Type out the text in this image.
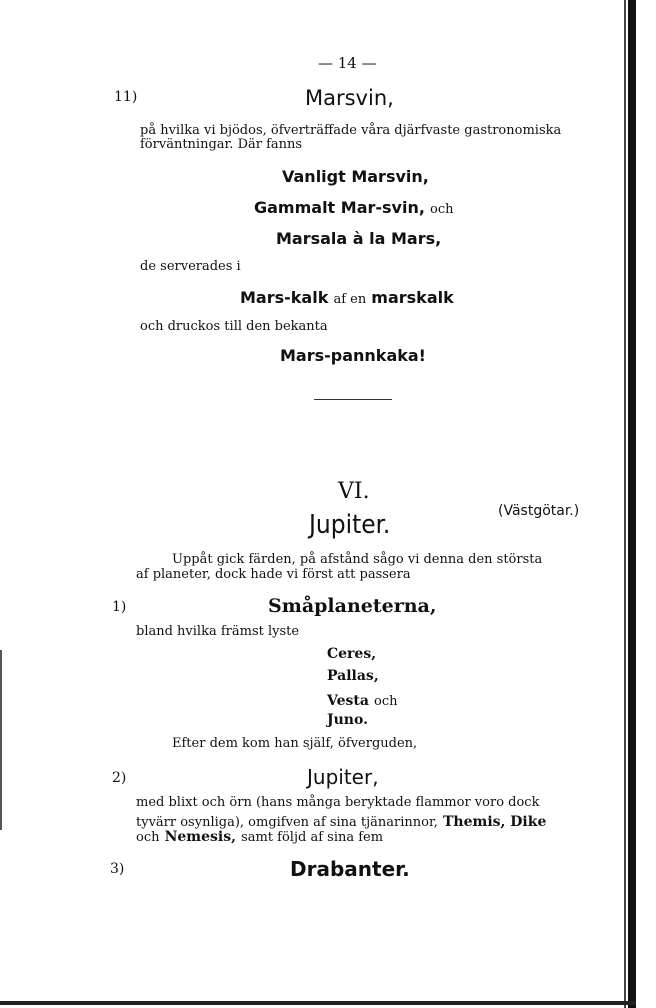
— 14 —
11)	Marsvin,
på hvilka vi bjödos, öfverträffade våra djärfvaste gastronomiska
förväntningar. Där fanns
Vanligt Marsvin,
Gammalt Mar-svin, och
Marsala à la Mars,
de serverades i
Mars-kalk af en marskalk
och druckos till den bekanta
Mars-pannkaka!
VI.
(Västgötar.)
Jupiter.
Uppåt gick färden, på afstånd sågo vi denna den största
af planeter, dock hade vi först att passera
1)	Småplaneterna,
bland hvilka främst lyste
Ceres,
Pallas,
Vesta och
Juno.
Efter dem kom han själf, öfverguden,
2)	Jupiter,
med blixt och örn (hans många beryktade flammor voro dock
tyvärr osynliga), omgifven af sina tjänarinnor, Themis, Dike
och Nemesis, samt följd af sina fem
3)	Drabanter.
